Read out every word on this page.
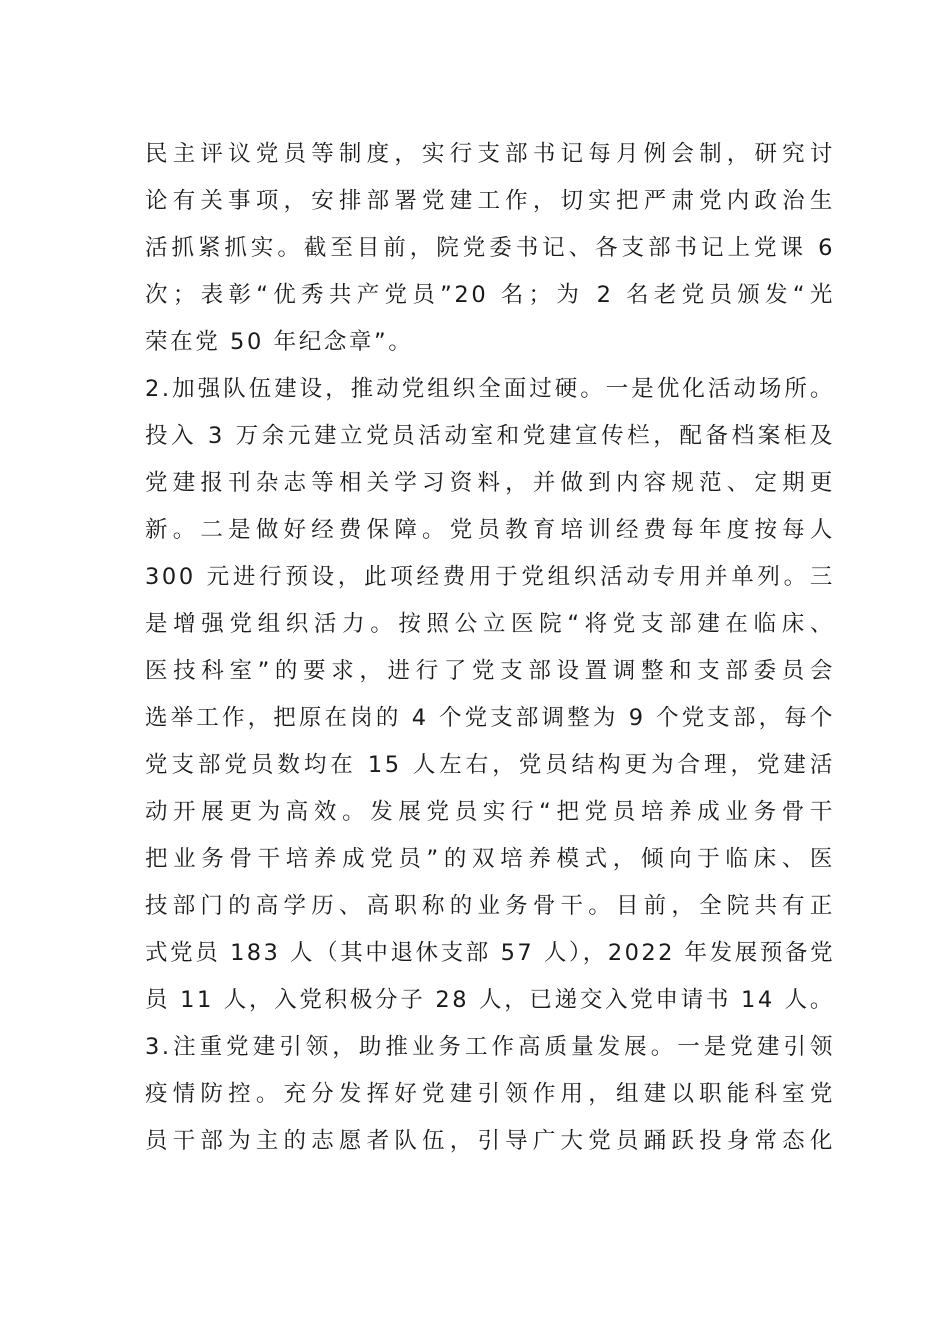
民主评议党员等制度，实行支部书记每月例会制，研究讨
论有关事项，安排部署党建工作，切实把严肃党内政治生
活抓紧抓实。截至目前，院党委书记、各支部书记上党课 6
次；表彰“优秀共产党员”20 名；为 2 名老党员颁发“光
荣在党 50 年纪念章”。
2.加强队伍建设，推动党组织全面过硬。一是优化活动场所。
投入 3 万余元建立党员活动室和党建宣传栏，配备档案柜及
党建报刊杂志等相关学习资料，并做到内容规范、定期更
新。二是做好经费保障。党员教育培训经费每年度按每人
300 元进行预设，此项经费用于党组织活动专用并单列。三
是增强党组织活力。按照公立医院“将党支部建在临床、
医技科室”的要求，进行了党支部设置调整和支部委员会
选举工作，把原在岗的 4 个党支部调整为 9 个党支部，每个
党支部党员数均在 15 人左右，党员结构更为合理，党建活
动开展更为高效。发展党员实行“把党员培养成业务骨干
把业务骨干培养成党员”的双培养模式，倾向于临床、医
技部门的高学历、高职称的业务骨干。目前，全院共有正
式党员 183 人（其中退休支部 57 人），2022 年发展预备党
员 11 人，入党积极分子 28 人，已递交入党申请书 14 人。
3.注重党建引领，助推业务工作高质量发展。一是党建引领
疫情防控。充分发挥好党建引领作用，组建以职能科室党
员干部为主的志愿者队伍，引导广大党员踊跃投身常态化
